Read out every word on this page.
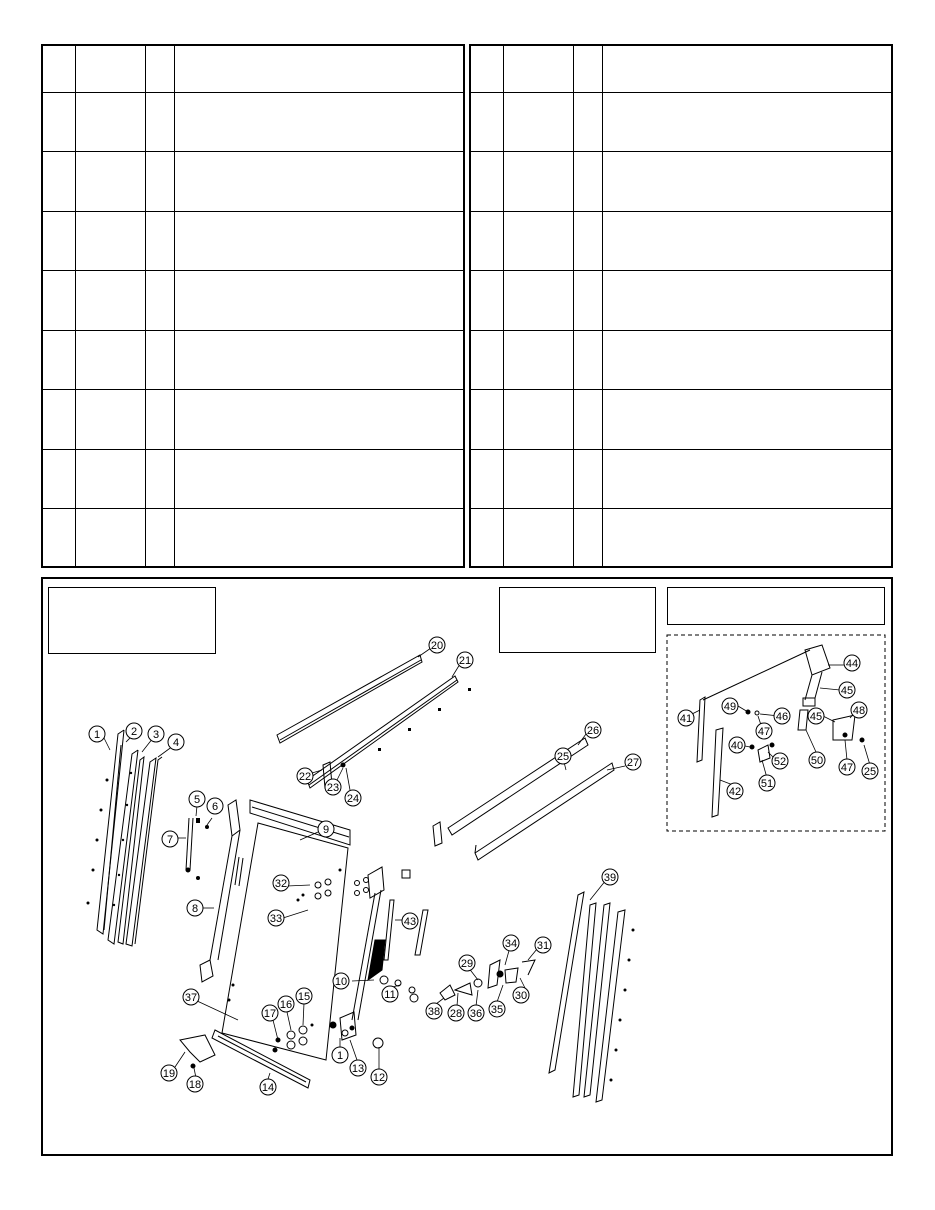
1	2 3
4
5
6
7
8
9
10
11
12
13
14
15
16
17
18
19
20
21
22
23
24
25
26
27
28
29
30
31
32
33
34
35
36
37
38
39
43
1
40
41
42
44
45
45
46
47
47
48
49
50
51
52
25
